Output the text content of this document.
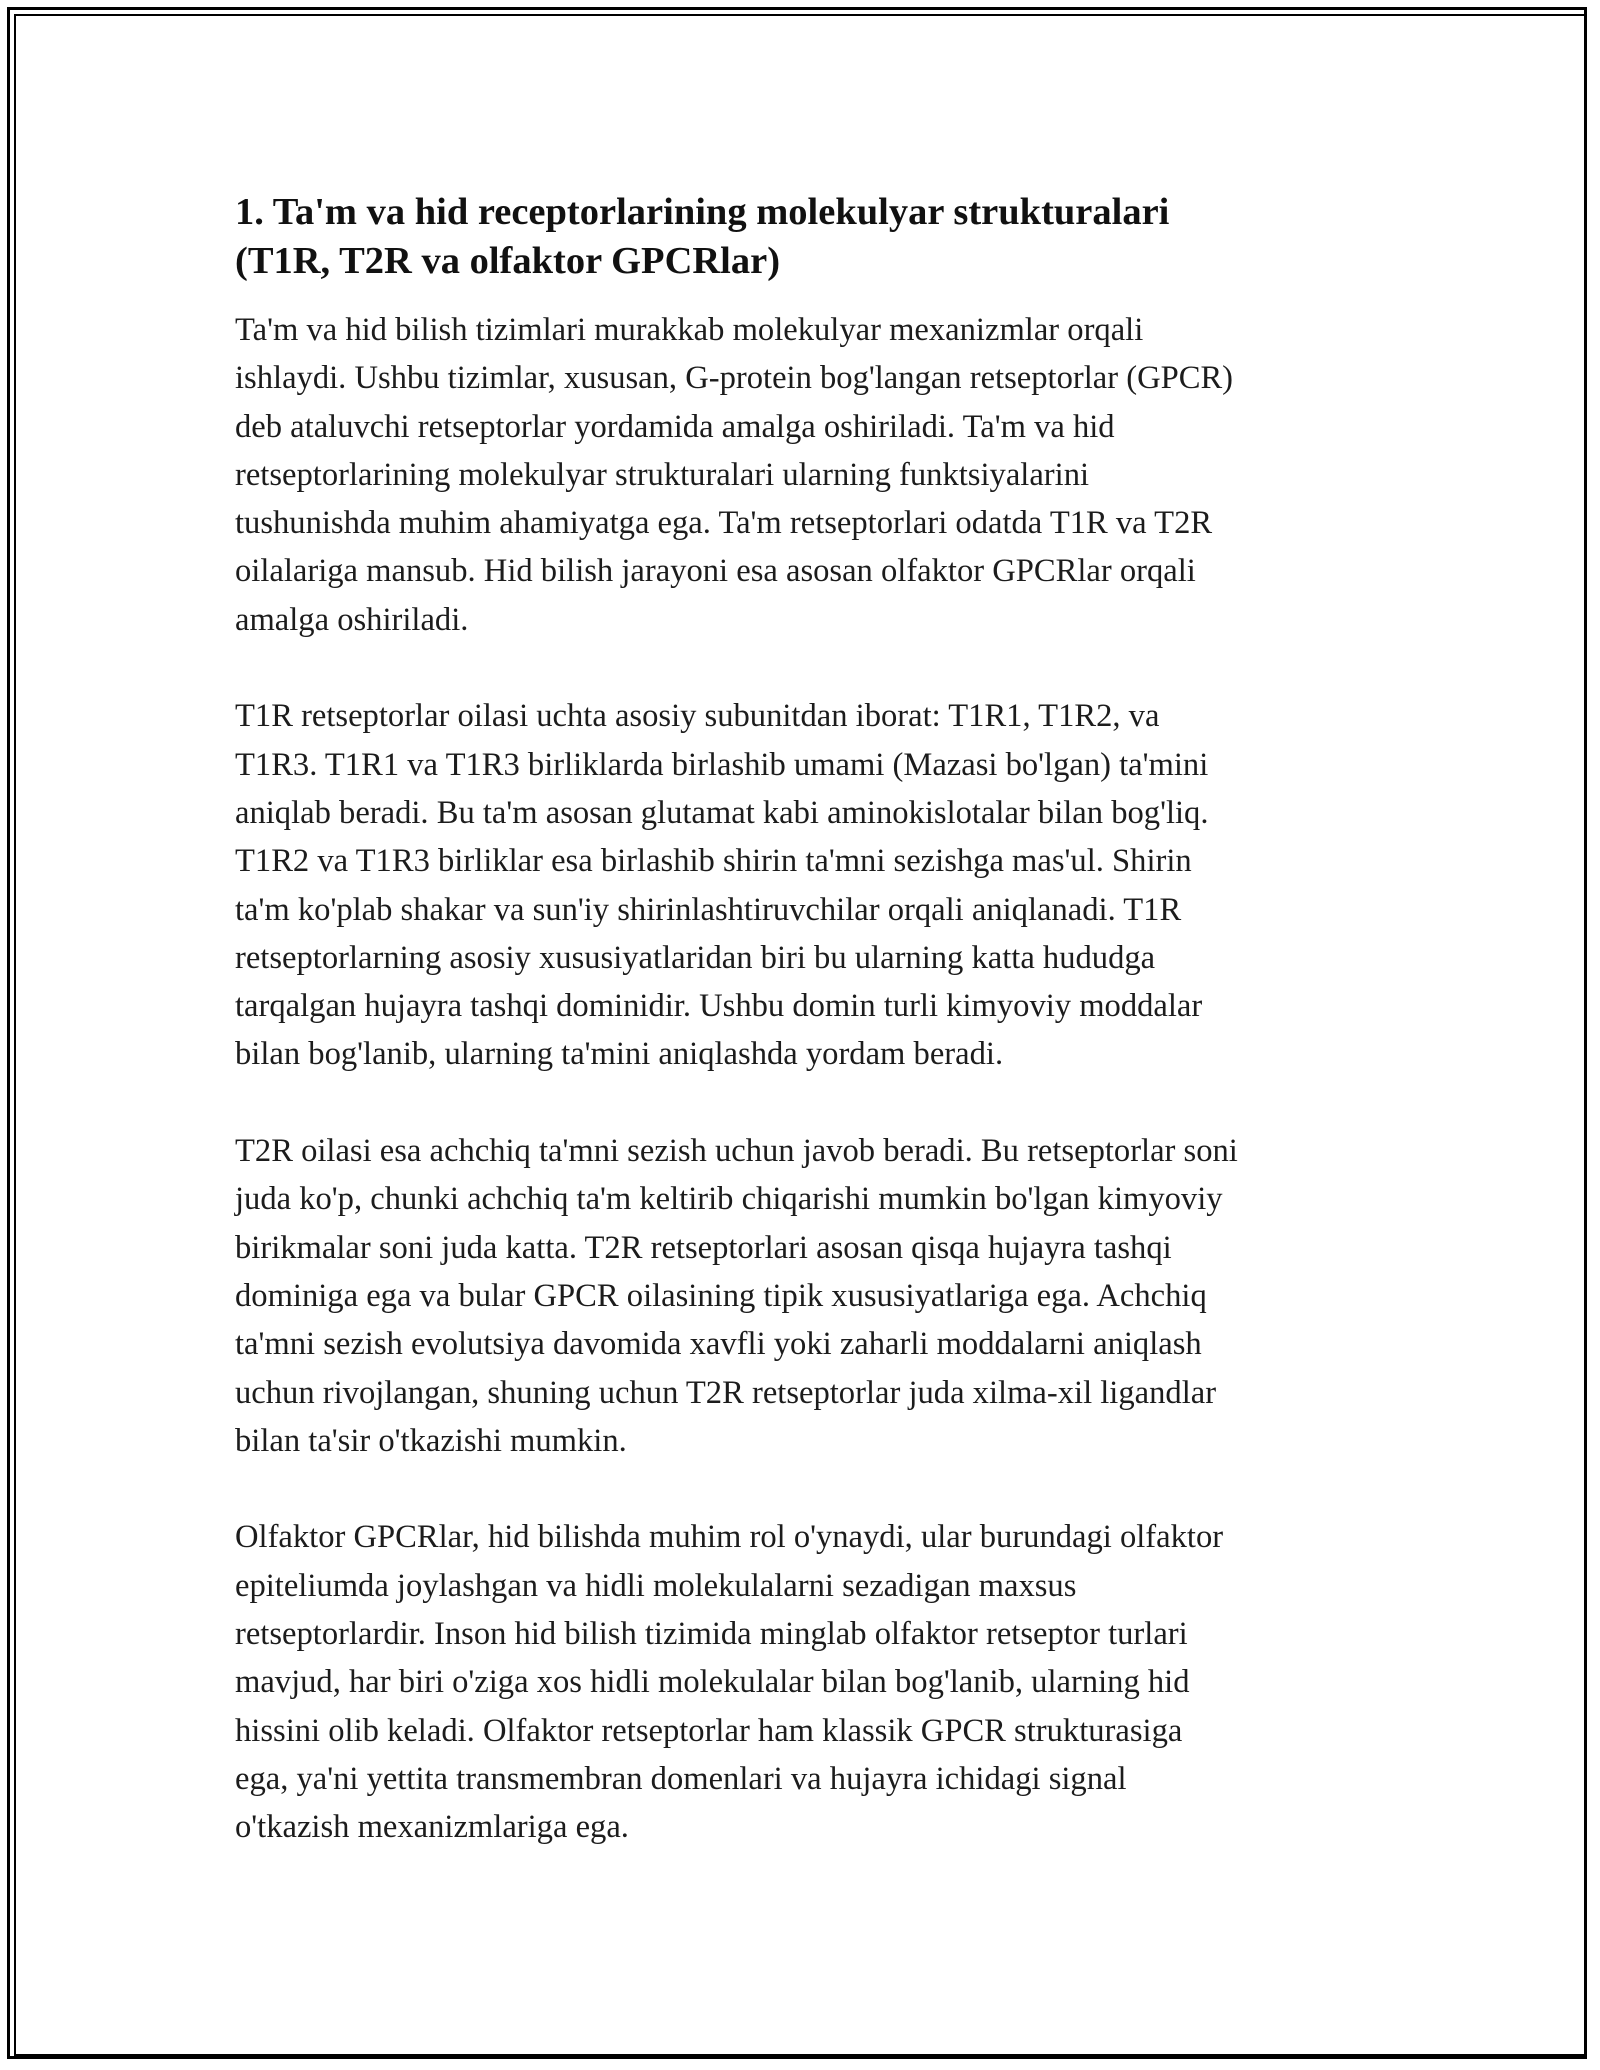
1. Ta'm va hid receptorlarining molekulyar strukturalari
(T1R, T2R va olfaktor GPCRlar)

Ta'm va hid bilish tizimlari murakkab molekulyar mexanizmlar orqali
ishlaydi. Ushbu tizimlar, xususan, G-protein bog'langan retseptorlar (GPCR)
deb ataluvchi retseptorlar yordamida amalga oshiriladi. Ta'm va hid
retseptorlarining molekulyar strukturalari ularning funktsiyalarini
tushunishda muhim ahamiyatga ega. Ta'm retseptorlari odatda T1R va T2R
oilalariga mansub. Hid bilish jarayoni esa asosan olfaktor GPCRlar orqali
amalga oshiriladi.

T1R retseptorlar oilasi uchta asosiy subunitdan iborat: T1R1, T1R2, va
T1R3. T1R1 va T1R3 birliklarda birlashib umami (Mazasi bo'lgan) ta'mini
aniqlab beradi. Bu ta'm asosan glutamat kabi aminokislotalar bilan bog'liq.
T1R2 va T1R3 birliklar esa birlashib shirin ta'mni sezishga mas'ul. Shirin
ta'm ko'plab shakar va sun'iy shirinlashtiruvchilar orqali aniqlanadi. T1R
retseptorlarning asosiy xususiyatlaridan biri bu ularning katta hududga
tarqalgan hujayra tashqi dominidir. Ushbu domin turli kimyoviy moddalar
bilan bog'lanib, ularning ta'mini aniqlashda yordam beradi.

T2R oilasi esa achchiq ta'mni sezish uchun javob beradi. Bu retseptorlar soni
juda ko'p, chunki achchiq ta'm keltirib chiqarishi mumkin bo'lgan kimyoviy
birikmalar soni juda katta. T2R retseptorlari asosan qisqa hujayra tashqi
dominiga ega va bular GPCR oilasining tipik xususiyatlariga ega. Achchiq
ta'mni sezish evolutsiya davomida xavfli yoki zaharli moddalarni aniqlash
uchun rivojlangan, shuning uchun T2R retseptorlar juda xilma-xil ligandlar
bilan ta'sir o'tkazishi mumkin.

Olfaktor GPCRlar, hid bilishda muhim rol o'ynaydi, ular burundagi olfaktor
epiteliumda joylashgan va hidli molekulalarni sezadigan maxsus
retseptorlardir. Inson hid bilish tizimida minglab olfaktor retseptor turlari
mavjud, har biri o'ziga xos hidli molekulalar bilan bog'lanib, ularning hid
hissini olib keladi. Olfaktor retseptorlar ham klassik GPCR strukturasiga
ega, ya'ni yettita transmembran domenlari va hujayra ichidagi signal
o'tkazish mexanizmlariga ega.
